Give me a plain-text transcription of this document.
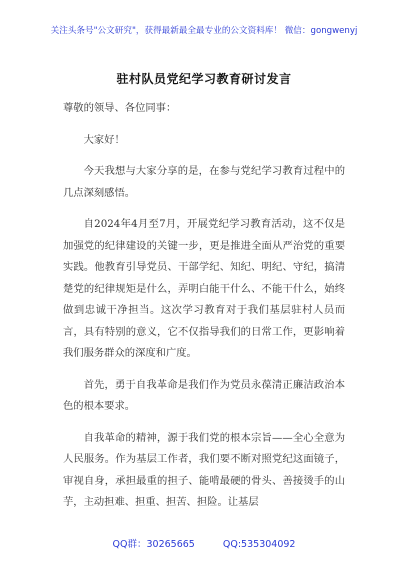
关注头条号"公文研究"，获得最新最全最专业的公文资料库！ 微信：gongwenyj
驻村队员党纪学习教育研讨发言

尊敬的领导、各位同事：

大家好！

今天我想与大家分享的是，在参与党纪学习教育过程中的几点深刻感悟。

自2024年4月至7月，开展党纪学习教育活动，这不仅是加强党的纪律建设的关键一步，更是推进全面从严治党的重要实践。他教育引导党员、干部学纪、知纪、明纪、守纪，搞清楚党的纪律规矩是什么，弄明白能干什么、不能干什么，始终做到忠诚干净担当。这次学习教育对于我们基层驻村人员而言，具有特别的意义，它不仅指导我们的日常工作，更影响着我们服务群众的深度和广度。

首先，勇于自我革命是我们作为党员永葆清正廉洁政治本色的根本要求。

自我革命的精神，源于我们党的根本宗旨——全心全意为人民服务。作为基层工作者，我们要不断对照党纪这面镜子，审视自身，承担最重的担子、能啃最硬的骨头、善接烫手的山芋，主动担难、担重、担苦、担险。让基层

QQ群：30265665	QQ:535304092
